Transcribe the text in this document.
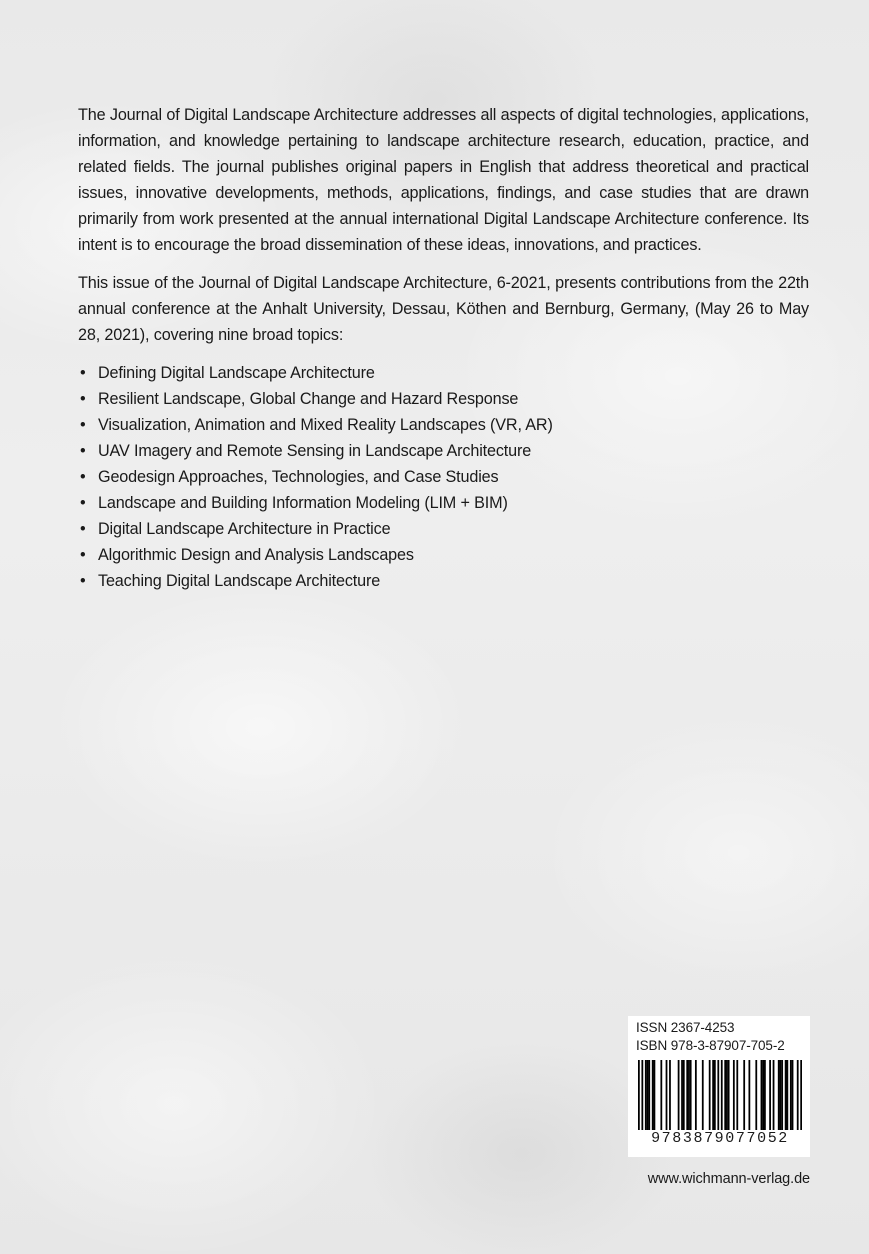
The Journal of Digital Landscape Architecture addresses all aspects of digital technologies, applications, information, and knowledge pertaining to landscape architecture research, education, practice, and related fields. The journal publishes original papers in English that address theoretical and practical issues, innovative developments, methods, applications, findings, and case studies that are drawn primarily from work presented at the annual international Digital Landscape Architecture conference. Its intent is to encourage the broad dissemination of these ideas, innovations, and practices.

This issue of the Journal of Digital Landscape Architecture, 6-2021, presents contributions from the 22th annual conference at the Anhalt University, Dessau, Köthen and Bernburg, Germany, (May 26 to May 28, 2021), covering nine broad topics:

• Defining Digital Landscape Architecture
• Resilient Landscape, Global Change and Hazard Response
• Visualization, Animation and Mixed Reality Landscapes (VR, AR)
• UAV Imagery and Remote Sensing in Landscape Architecture
• Geodesign Approaches, Technologies, and Case Studies
• Landscape and Building Information Modeling (LIM + BIM)
• Digital Landscape Architecture in Practice
• Algorithmic Design and Analysis Landscapes
• Teaching Digital Landscape Architecture
ISSN 2367-4253
ISBN 978-3-87907-705-2
9783879077052
www.wichmann-verlag.de
